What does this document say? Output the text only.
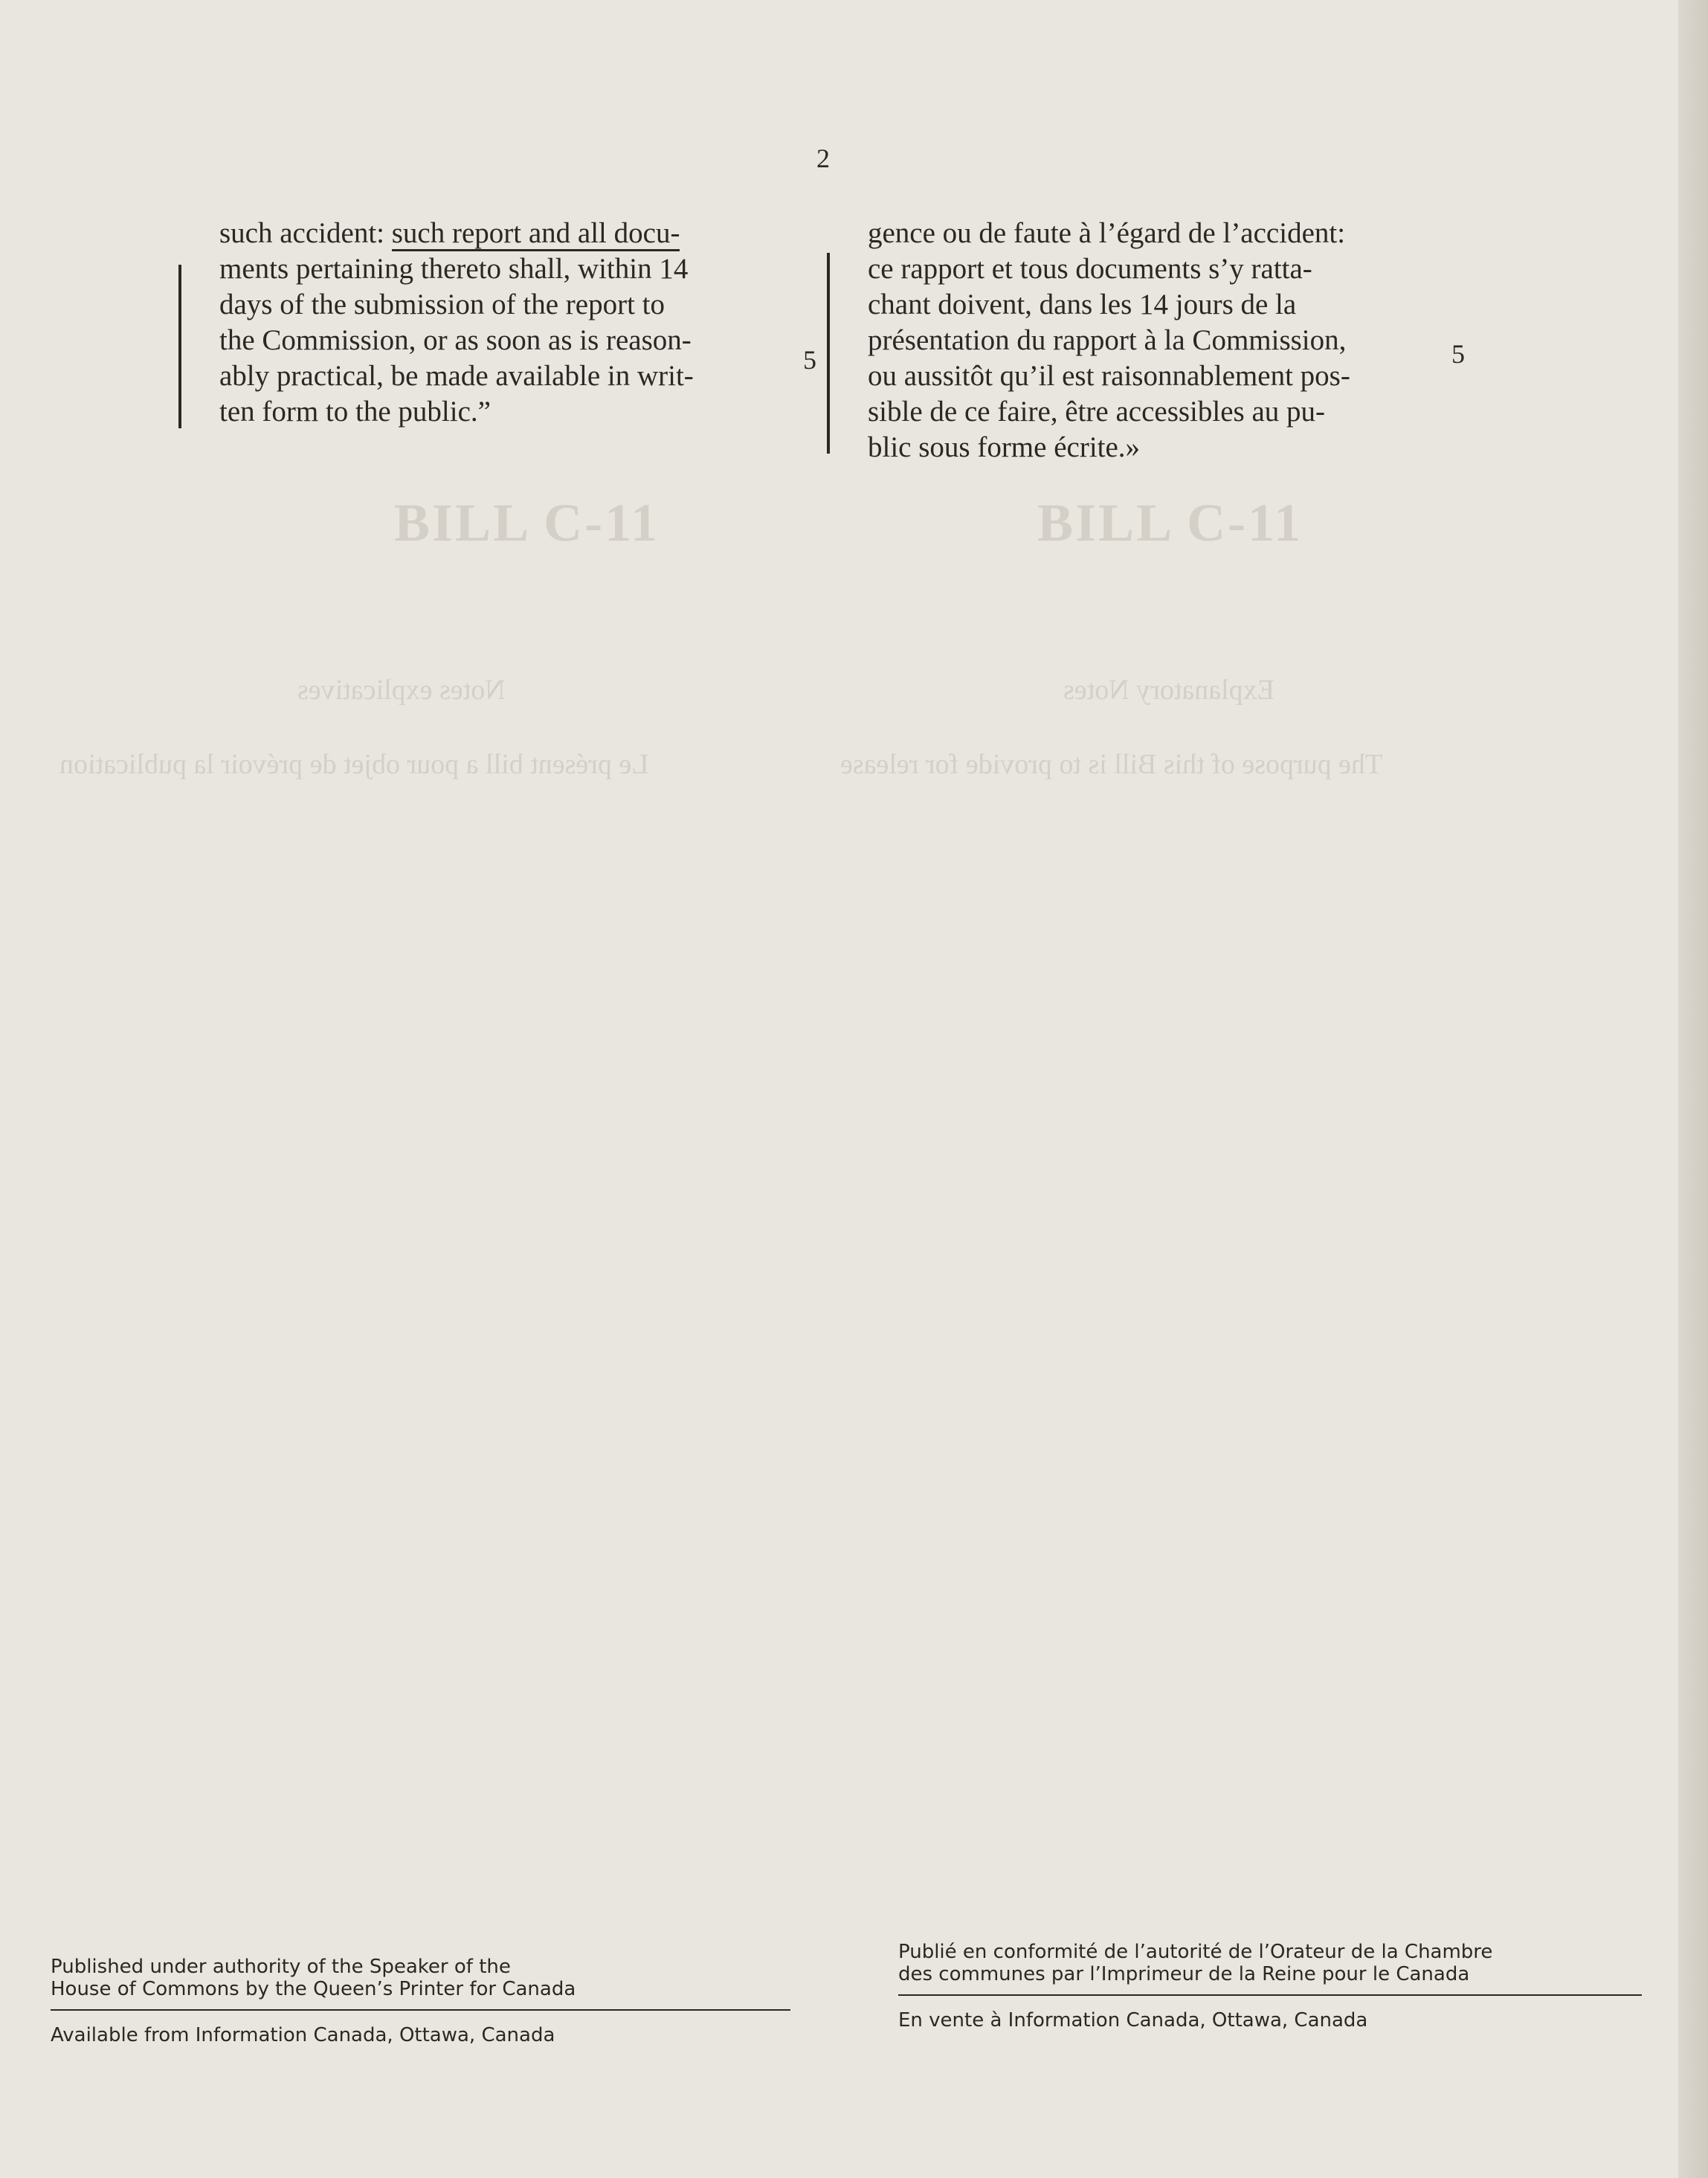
BILL C-11	BILL C-11
Notes explicatives	Explanatory Notes
Le présent bill a pour objet de prévoir la publication	The purpose of this Bill is to provide for release
2

such accident: such report and all docu-

ments pertaining thereto shall, within 14

days of the submission of the report to

the Commission, or as soon as is reason-

ably practical, be made available in writ-

ten form to the public.”

5

gence ou de faute à l’égard de l’accident:

ce rapport et tous documents s’y ratta-

chant doivent, dans les 14 jours de la

présentation du rapport à la Commission,

ou aussitôt qu’il est raisonnablement pos-

sible de ce faire, être accessibles au pu-

blic sous forme écrite.»

5
Published under authority of the Speaker of the
House of Commons by the Queen’s Printer for Canada
Available from Information Canada, Ottawa, Canada
Publié en conformité de l’autorité de l’Orateur de la Chambre
des communes par l’Imprimeur de la Reine pour le Canada
En vente à Information Canada, Ottawa, Canada
